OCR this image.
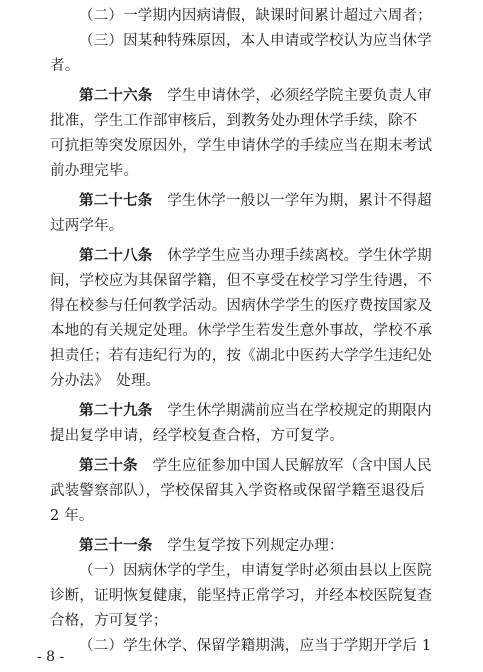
（二）一学期内因病请假，缺课时间累计超过六周者；
（三）因某种特殊原因，本人申请或学校认为应当休学
者。
第二十六条　学生申请休学，必须经学院主要负责人审
批准，学生工作部审核后，到教务处办理休学手续，除不
可抗拒等突发原因外，学生申请休学的手续应当在期末考试
前办理完毕。
第二十七条　学生休学一般以一学年为期，累计不得超
过两学年。
第二十八条　休学学生应当办理手续离校。学生休学期
间，学校应为其保留学籍，但不享受在校学习学生待遇，不
得在校参与任何教学活动。因病休学学生的医疗费按国家及
本地的有关规定处理。休学学生若发生意外事故，学校不承
担责任；若有违纪行为的，按《湖北中医药大学学生违纪处
分办法》　处理。
第二十九条　学生休学期满前应当在学校规定的期限内
提出复学申请，经学校复查合格，方可复学。
第三十条　学生应征参加中国人民解放军（含中国人民
武装警察部队），学校保留其入学资格或保留学籍至退役后
2 年。
第三十一条　学生复学按下列规定办理：
（一）因病休学的学生，申请复学时必须由县以上医院
诊断，证明恢复健康，能坚持正常学习，并经本校医院复查
合格，方可复学；
（二）学生休学、保留学籍期满，应当于学期开学后 1
- 8 -
